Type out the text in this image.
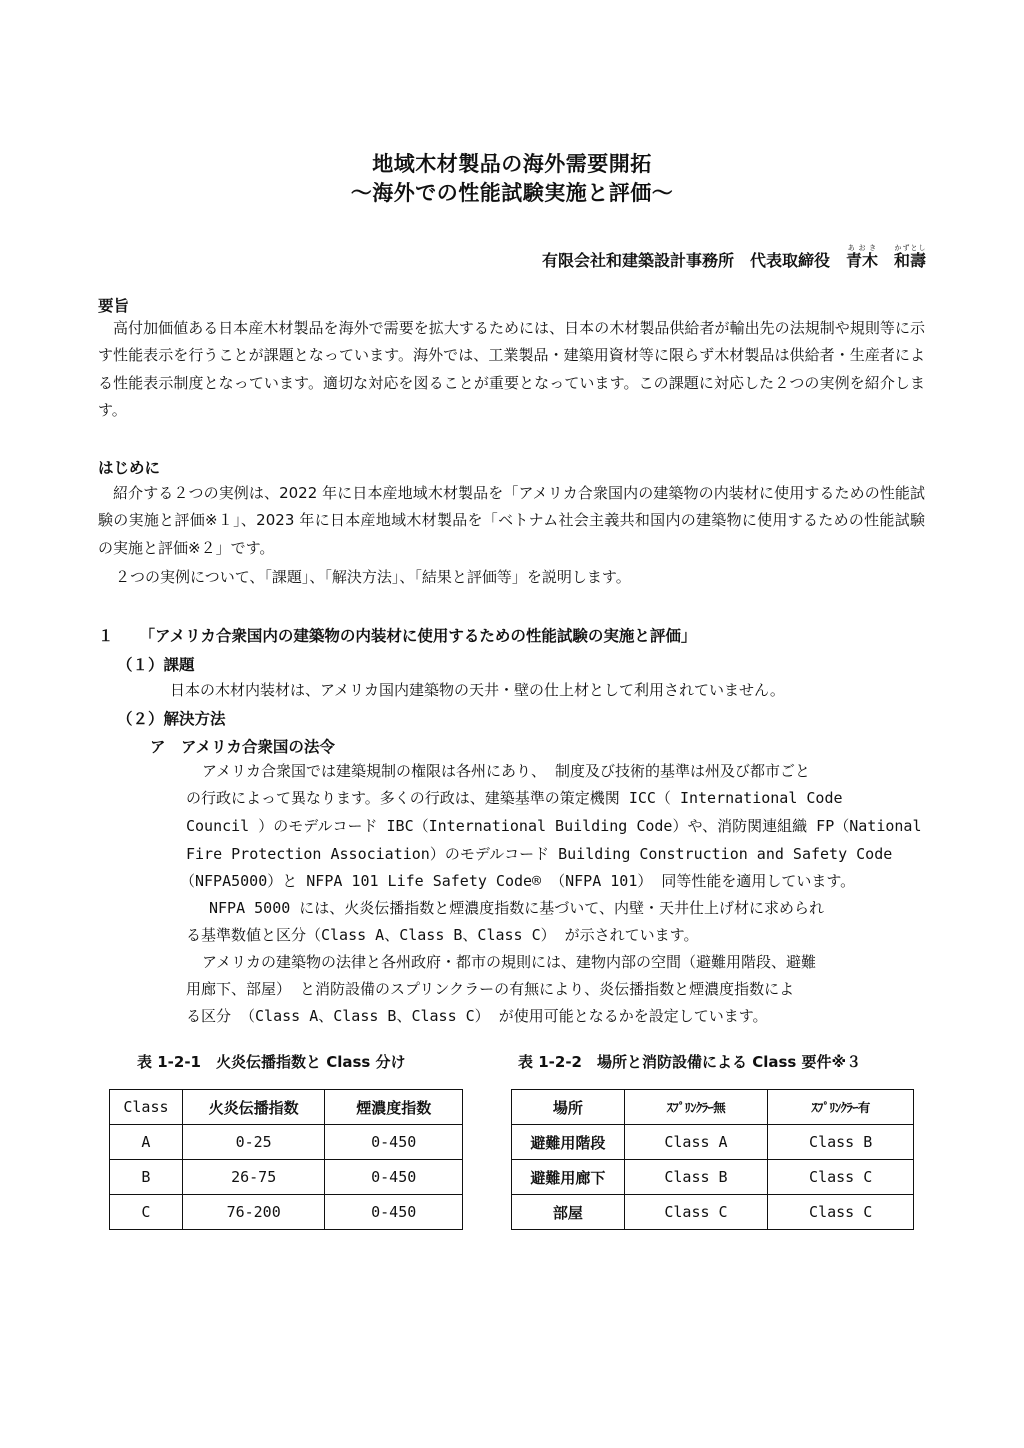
地域木材製品の海外需要開拓
～海外での性能試験実施と評価～
有限会社和建築設計事務所 代表取締役 青木あおき和壽かずとし
要旨
高付加価値ある日本産木材製品を海外で需要を拡大するためには、日本の木材製品供給者が輸出先の法規制や規則等に示す性能表示を行うことが課題となっています。海外では、工業製品・建築用資材等に限らず木材製品は供給者・生産者による性能表示制度となっています。適切な対応を図ることが重要となっています。この課題に対応した２つの実例を紹介します。
はじめに
紹介する２つの実例は、2022 年に日本産地域木材製品を「アメリカ合衆国内の建築物の内装材に使用するための性能試験の実施と評価※１」、2023 年に日本産地域木材製品を「ベトナム社会主義共和国内の建築物に使用するための性能試験の実施と評価※２」です。
２つの実例について、「課題」、「解決方法」、「結果と評価等」を説明します。
１ 「アメリカ合衆国内の建築物の内装材に使用するための性能試験の実施と評価」
（１）課題
日本の木材内装材は、アメリカ国内建築物の天井・壁の仕上材として利用されていません。
（２）解決方法
ア　アメリカ合衆国の法令
アメリカ合衆国では建築規制の権限は各州にあり、 制度及び技術的基準は州及び都市ごと
の行政によって異なります。多くの行政は、建築基準の策定機関 ICC（ International Code
Council ）のモデルコード IBC（International Building Code）や、消防関連組織 FP（National
Fire Protection Association）のモデルコード Building Construction and Safety Code
（NFPA5000）と NFPA 101 Life Safety Code® （NFPA 101） 同等性能を適用しています。
NFPA 5000 には、火炎伝播指数と煙濃度指数に基づいて、内壁・天井仕上げ材に求められ
る基準数値と区分（Class A、Class B、Class C） が示されています。
アメリカの建築物の法律と各州政府・都市の規則には、建物内部の空間（避難用階段、避難
用廊下、部屋） と消防設備のスプリンクラーの有無により、炎伝播指数と煙濃度指数によ
る区分 （Class A、Class B、Class C） が使用可能となるかを設定しています。
表 1-2-1　火炎伝播指数と Class 分け
Class	火炎伝播指数	煙濃度指数
A	0-25	0-450
B	26-75	0-450
C	76-200	0-450
表 1-2-2　場所と消防設備による Class 要件※３
場所	ｽﾌﾟﾘﾝｸﾗｰ無	ｽﾌﾟﾘﾝｸﾗｰ有
避難用階段	Class A	Class B
避難用廊下	Class B	Class C
部屋	Class C	Class C
